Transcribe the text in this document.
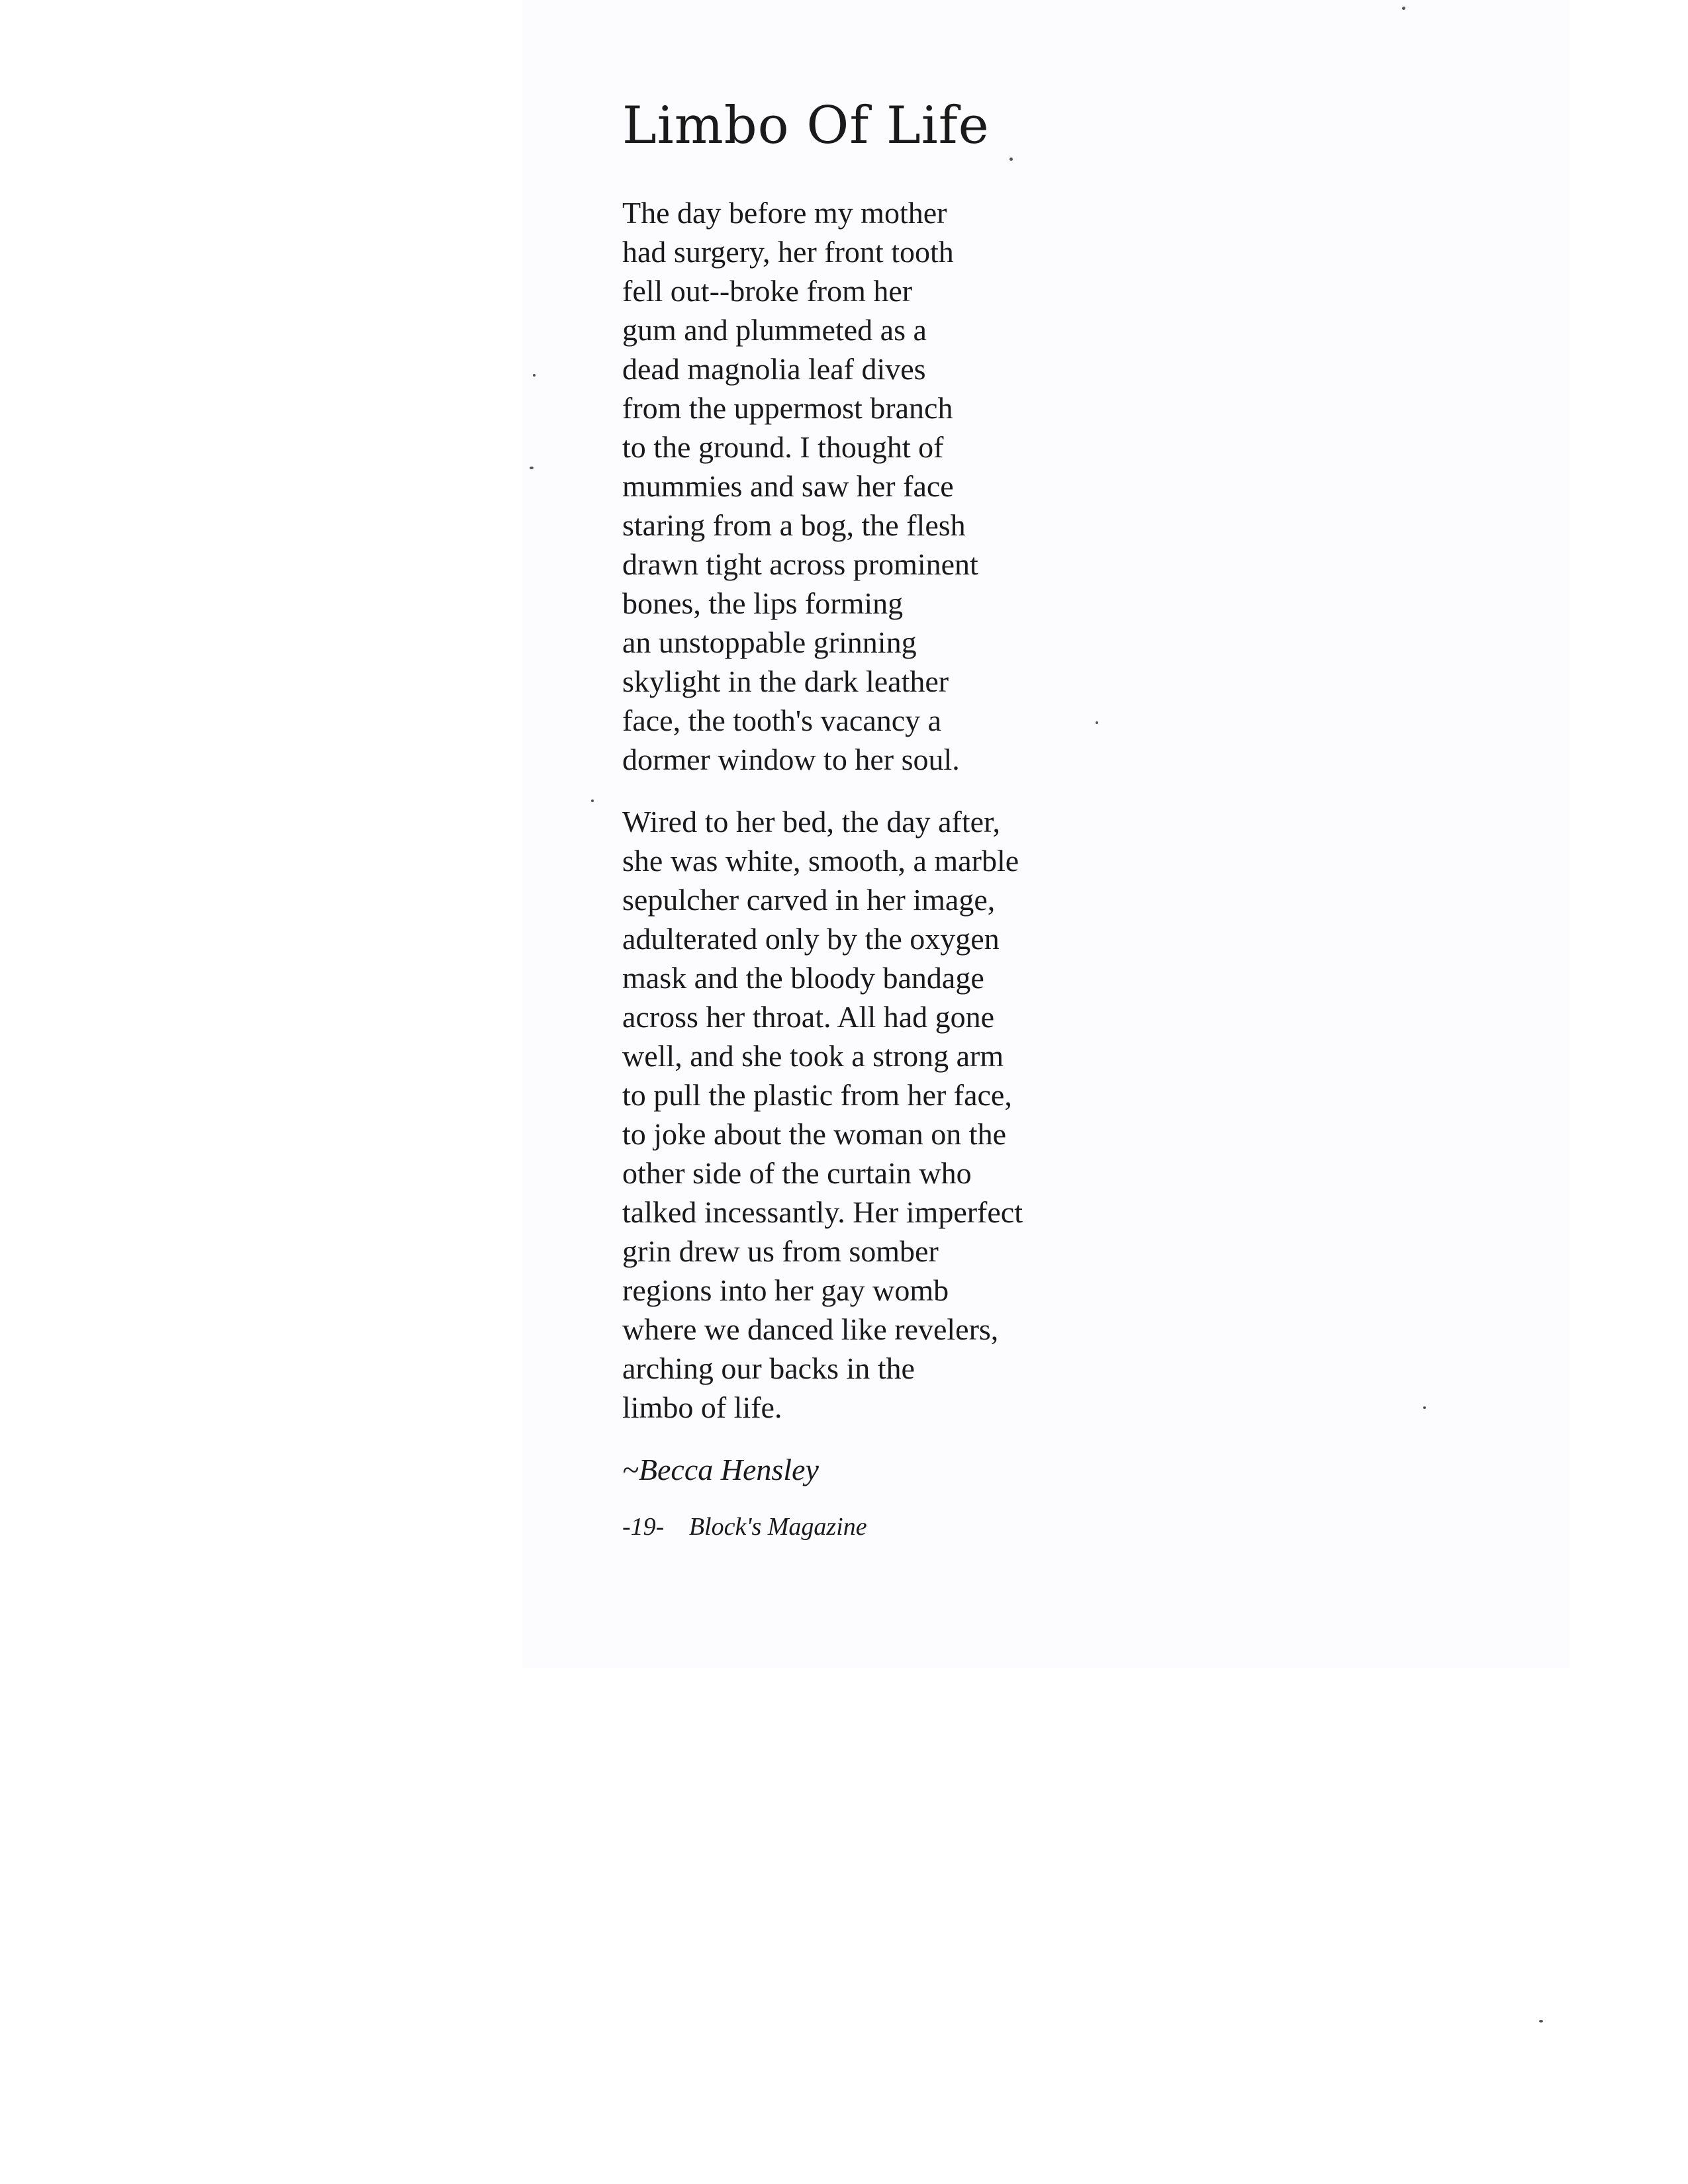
Limbo Of Life

The day before my mother
had surgery, her front tooth
fell out--broke from her
gum and plummeted as a
dead magnolia leaf dives
from the uppermost branch
to the ground. I thought of
mummies and saw her face
staring from a bog, the flesh
drawn tight across prominent
bones, the lips forming
an unstoppable grinning
skylight in the dark leather
face, the tooth's vacancy a
dormer window to her soul.

Wired to her bed, the day after,
she was white, smooth, a marble
sepulcher carved in her image,
adulterated only by the oxygen
mask and the bloody bandage
across her throat. All had gone
well, and she took a strong arm
to pull the plastic from her face,
to joke about the woman on the
other side of the curtain who
talked incessantly. Her imperfect
grin drew us from somber
regions into her gay womb
where we danced like revelers,
arching our backs in the
limbo of life.

~Becca Hensley
-19- Block's Magazine
